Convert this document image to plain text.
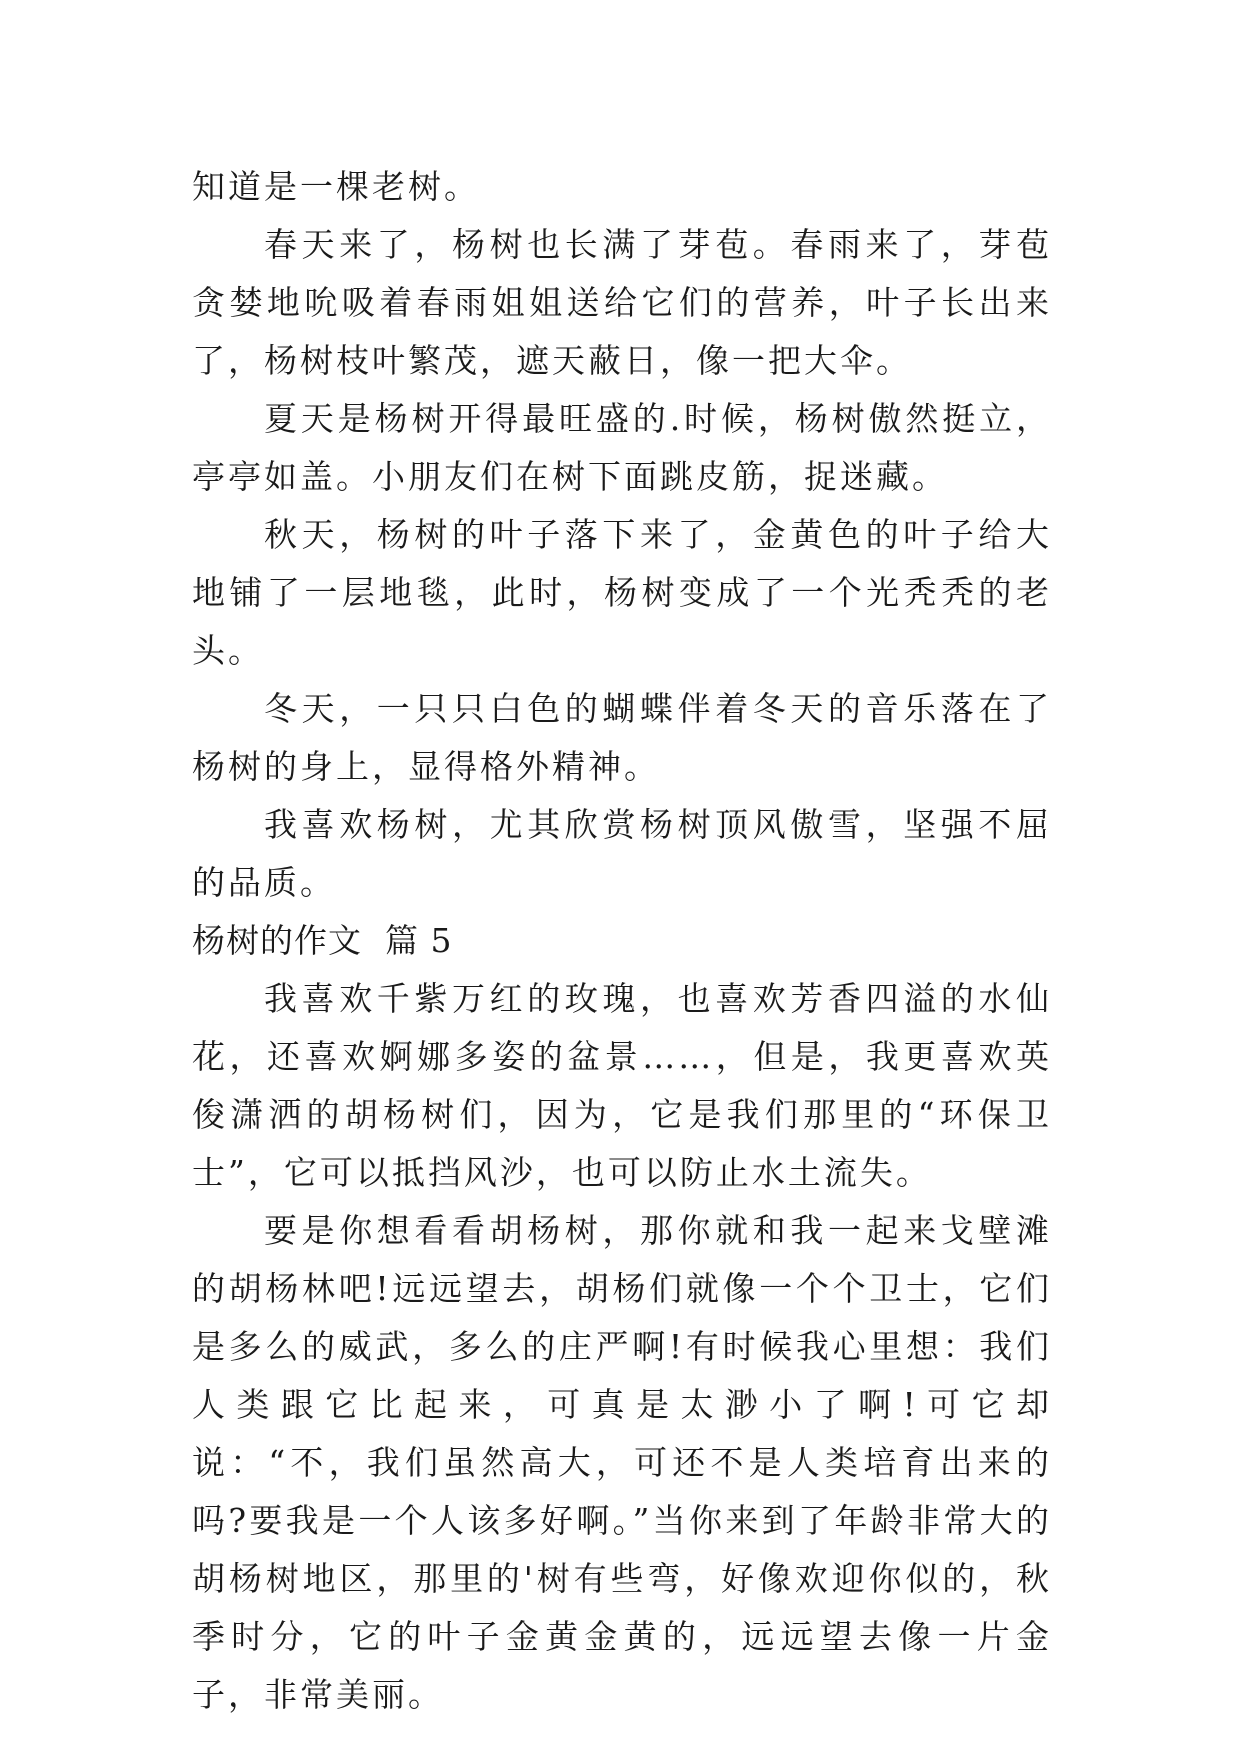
知道是一棵老树。

春天来了，杨树也长满了芽苞。春雨来了，芽苞贪婪地吮吸着春雨姐姐送给它们的营养，叶子长出来了，杨树枝叶繁茂，遮天蔽日，像一把大伞。

夏天是杨树开得最旺盛的.时候，杨树傲然挺立，亭亭如盖。小朋友们在树下面跳皮筋，捉迷藏。

秋天，杨树的叶子落下来了，金黄色的叶子给大地铺了一层地毯，此时，杨树变成了一个光秃秃的老头。

冬天，一只只白色的蝴蝶伴着冬天的音乐落在了杨树的身上，显得格外精神。

我喜欢杨树，尤其欣赏杨树顶风傲雪，坚强不屈的品质。

杨树的作文  篇 5

我喜欢千紫万红的玫瑰，也喜欢芳香四溢的水仙花，还喜欢婀娜多姿的盆景……，但是，我更喜欢英俊潇洒的胡杨树们，因为，它是我们那里的“环保卫士”，它可以抵挡风沙，也可以防止水土流失。

要是你想看看胡杨树，那你就和我一起来戈壁滩的胡杨林吧!远远望去，胡杨们就像一个个卫士，它们是多么的威武，多么的庄严啊!有时候我心里想：我们人类跟它比起来，可真是太渺小了啊!可它却说：“不，我们虽然高大，可还不是人类培育出来的吗?要我是一个人该多好啊。”当你来到了年龄非常大的胡杨树地区，那里的'树有些弯，好像欢迎你似的，秋季时分，它的叶子金黄金黄的，远远望去像一片金子，非常美丽。
